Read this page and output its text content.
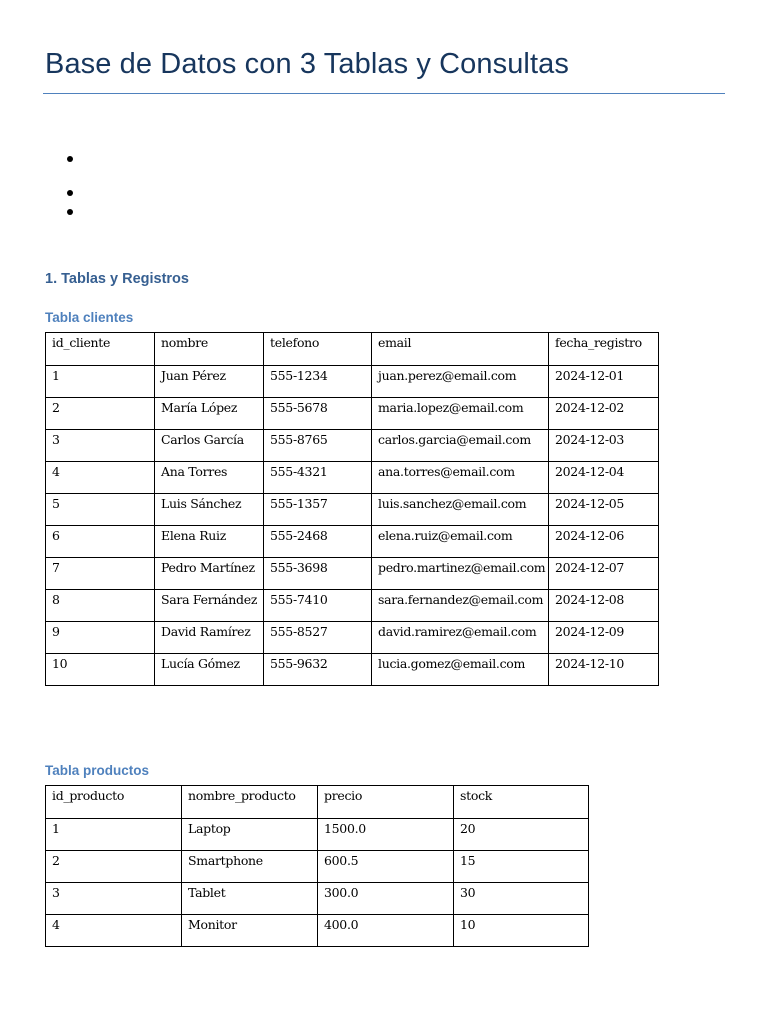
Base de Datos con 3 Tablas y Consultas
1. Tablas y Registros
Tabla clientes
id_cliente	nombre	telefono	email	fecha_registro
1	Juan Pérez	555-1234	juan.perez@email.com	2024-12-01
2	María López	555-5678	maria.lopez@email.com	2024-12-02
3	Carlos García	555-8765	carlos.garcia@email.com	2024-12-03
4	Ana Torres	555-4321	ana.torres@email.com	2024-12-04
5	Luis Sánchez	555-1357	luis.sanchez@email.com	2024-12-05
6	Elena Ruiz	555-2468	elena.ruiz@email.com	2024-12-06
7	Pedro Martínez	555-3698	pedro.martinez@email.com	2024-12-07
8	Sara Fernández	555-7410	sara.fernandez@email.com	2024-12-08
9	David Ramírez	555-8527	david.ramirez@email.com	2024-12-09
10	Lucía Gómez	555-9632	lucia.gomez@email.com	2024-12-10
Tabla productos
id_producto	nombre_producto	precio	stock
1	Laptop	1500.0	20
2	Smartphone	600.5	15
3	Tablet	300.0	30
4	Monitor	400.0	10
